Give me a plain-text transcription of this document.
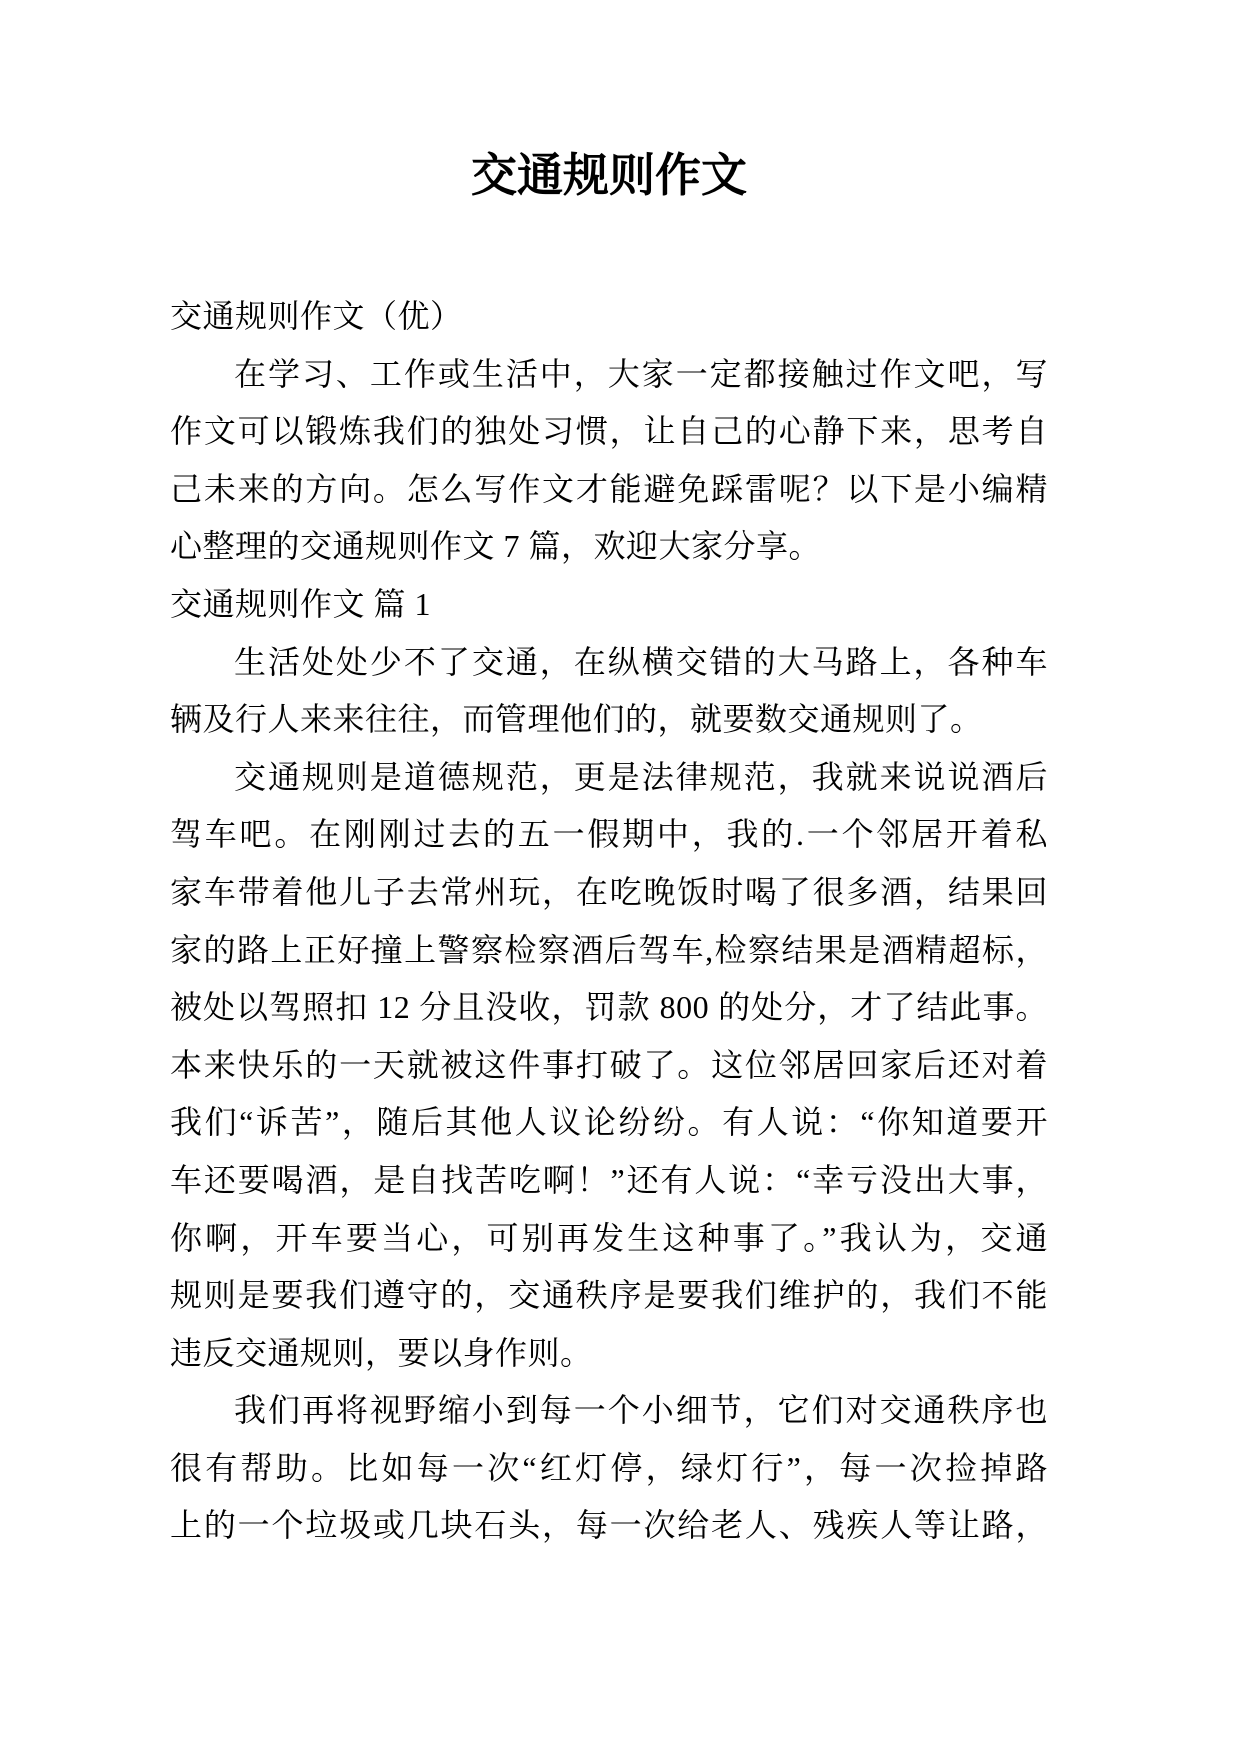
交通规则作文
交通规则作文（优）
在学习、工作或生活中，大家一定都接触过作文吧，写
作文可以锻炼我们的独处习惯，让自己的心静下来，思考自
己未来的方向。怎么写作文才能避免踩雷呢？以下是小编精
心整理的交通规则作文 7 篇，欢迎大家分享。
交通规则作文 篇 1
生活处处少不了交通，在纵横交错的大马路上，各种车
辆及行人来来往往，而管理他们的，就要数交通规则了。
交通规则是道德规范，更是法律规范，我就来说说酒后
驾车吧。在刚刚过去的五一假期中，我的.一个邻居开着私
家车带着他儿子去常州玩，在吃晚饭时喝了很多酒，结果回
家的路上正好撞上警察检察酒后驾车,检察结果是酒精超标，
被处以驾照扣 12 分且没收，罚款 800 的处分，才了结此事。
本来快乐的一天就被这件事打破了。这位邻居回家后还对着
我们“诉苦”，随后其他人议论纷纷。有人说：“你知道要开
车还要喝酒，是自找苦吃啊！”还有人说：“幸亏没出大事，
你啊，开车要当心，可别再发生这种事了。”我认为，交通
规则是要我们遵守的，交通秩序是要我们维护的，我们不能
违反交通规则，要以身作则。
我们再将视野缩小到每一个小细节，它们对交通秩序也
很有帮助。比如每一次“红灯停，绿灯行”，每一次捡掉路
上的一个垃圾或几块石头，每一次给老人、残疾人等让路，
